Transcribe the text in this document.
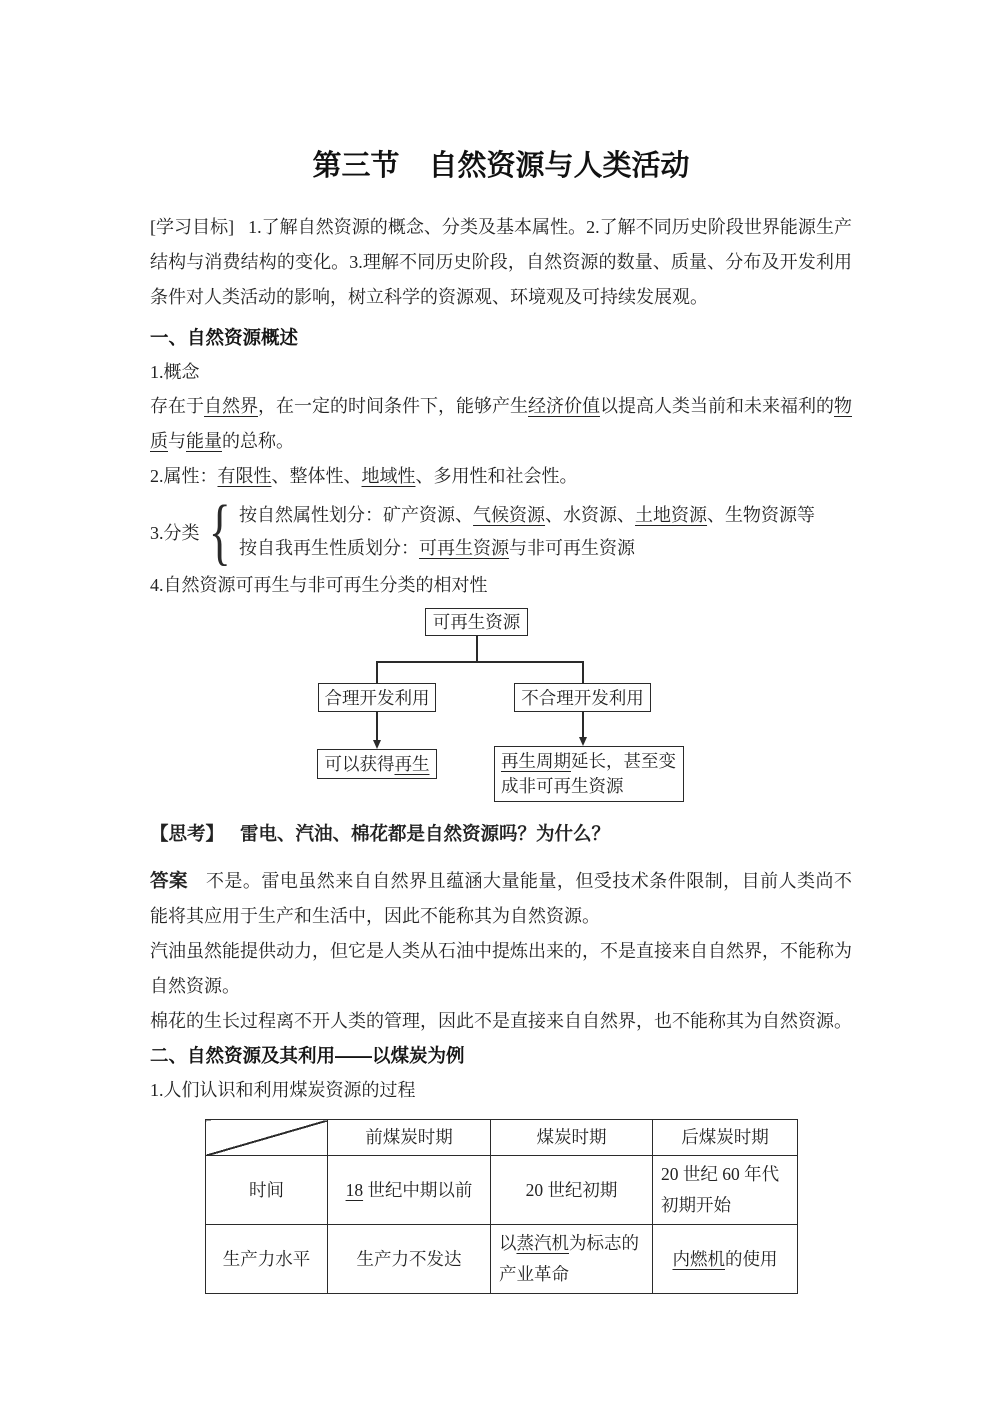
第三节　自然资源与人类活动
[学习目标] 1.了解自然资源的概念、分类及基本属性。2.了解不同历史阶段世界能源生产结构与消费结构的变化。3.理解不同历史阶段，自然资源的数量、质量、分布及开发利用条件对人类活动的影响，树立科学的资源观、环境观及可持续发展观。
一、自然资源概述
1.概念
存在于自然界，在一定的时间条件下，能够产生经济价值以提高人类当前和未来福利的物质与能量的总称。
2.属性：有限性、整体性、地域性、多用性和社会性。
3.分类 { 按自然属性划分：矿产资源、气候资源、水资源、土地资源、生物资源等
按自我再生性质划分：可再生资源与非可再生资源
4.自然资源可再生与非可再生分类的相对性
可再生资源
合理开发利用	不合理开发利用
可以获得 再生	再生周期延长，甚至变成非可再生资源
【思考】 雷电、汽油、棉花都是自然资源吗？为什么？
答案 不是。雷电虽然来自自然界且蕴涵大量能量，但受技术条件限制，目前人类尚不能将其应用于生产和生活中，因此不能称其为自然资源。
汽油虽然能提供动力，但它是人类从石油中提炼出来的，不是直接来自自然界，不能称为自然资源。
棉花的生长过程离不开人类的管理，因此不是直接来自自然界，也不能称其为自然资源。
二、自然资源及其利用——以煤炭为例
1.人们认识和利用煤炭资源的过程
	前煤炭时期	煤炭时期	后煤炭时期
时间	18 世纪中期以前	20 世纪初期	20 世纪 60 年代初期开始
生产力水平	生产力不发达	以蒸汽机为标志的产业革命	内燃机的使用
